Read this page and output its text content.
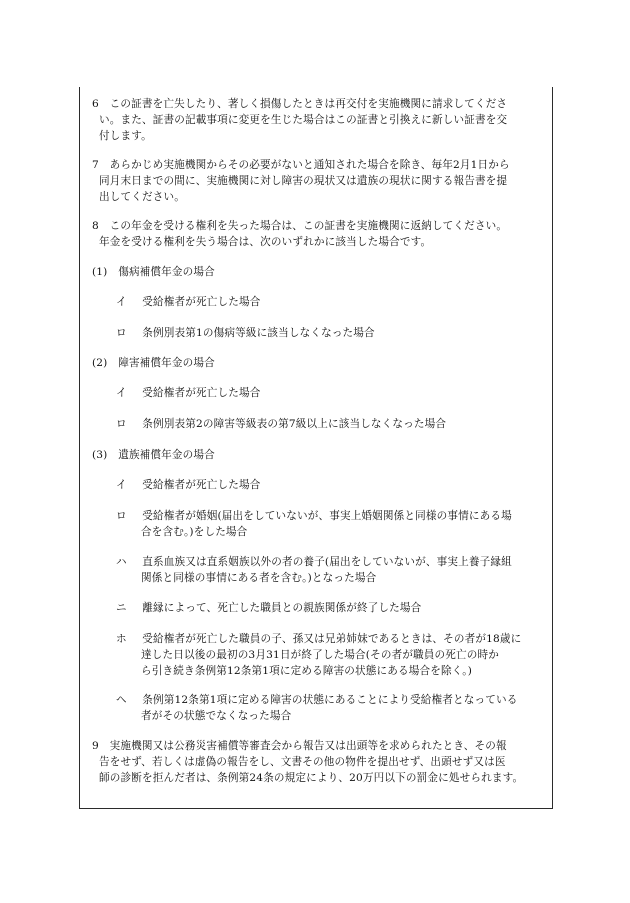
6　この証書を亡失したり、著しく損傷したときは再交付を実施機関に請求してくださ
い。また、証書の記載事項に変更を生じた場合はこの証書と引換えに新しい証書を交
付します。
7　あらかじめ実施機関からその必要がないと通知された場合を除き、毎年2月1日から
同月末日までの間に、実施機関に対し障害の現状又は遺族の現状に関する報告書を提
出してください。
8　この年金を受ける権利を失った場合は、この証書を実施機関に返納してください。
年金を受ける権利を失う場合は、次のいずれかに該当した場合です。
(1)　傷病補償年金の場合
イ 受給権者が死亡した場合
ロ 条例別表第1の傷病等級に該当しなくなった場合
(2)　障害補償年金の場合
イ 受給権者が死亡した場合
ロ 条例別表第2の障害等級表の第7級以上に該当しなくなった場合
(3)　遺族補償年金の場合
イ 受給権者が死亡した場合
ロ 受給権者が婚姻(届出をしていないが、事実上婚姻関係と同様の事情にある場
合を含む。)をした場合
ハ 直系血族又は直系姻族以外の者の養子(届出をしていないが、事実上養子縁組
関係と同様の事情にある者を含む。)となった場合
ニ 離縁によって、死亡した職員との親族関係が終了した場合
ホ 受給権者が死亡した職員の子、孫又は兄弟姉妹であるときは、その者が18歳に
達した日以後の最初の3月31日が終了した場合(その者が職員の死亡の時か
ら引き続き条例第12条第1項に定める障害の状態にある場合を除く。)
ヘ 条例第12条第1項に定める障害の状態にあることにより受給権者となっている
者がその状態でなくなった場合
9　実施機関又は公務災害補償等審査会から報告又は出頭等を求められたとき、その報
告をせず、若しくは虚偽の報告をし、文書その他の物件を提出せず、出頭せず又は医
師の診断を拒んだ者は、条例第24条の規定により、20万円以下の罰金に処せられます。
